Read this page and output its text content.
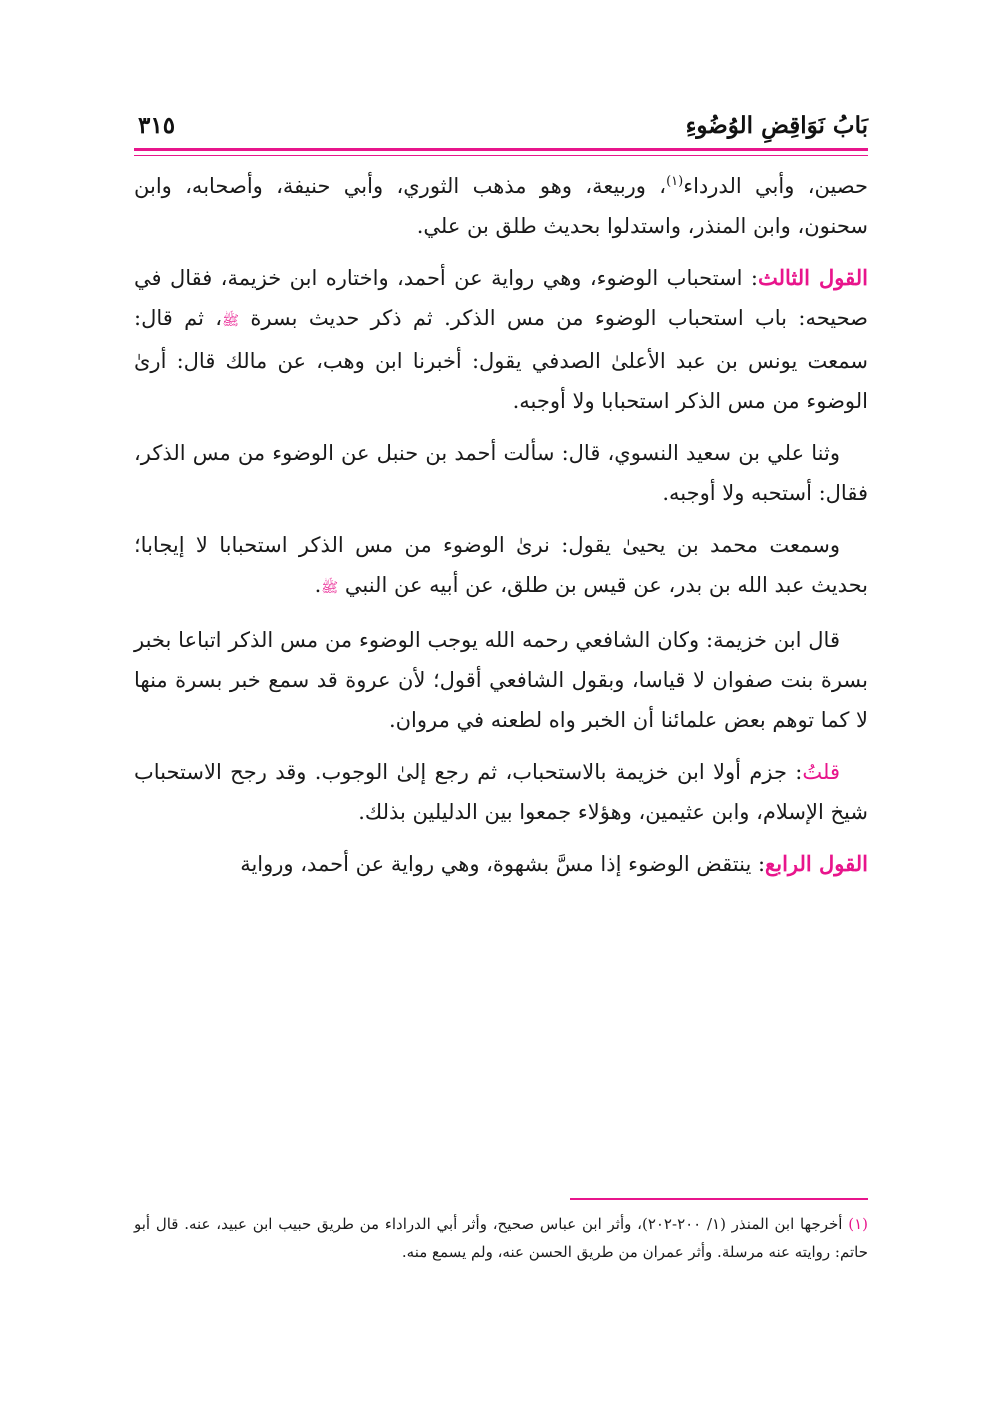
بَابُ نَوَاقِضِ الوُضُوءِ
٣١٥

حصين، وأبي الدرداء$^{(١)}$، وربيعة، وهو مذهب الثوري، وأبي حنيفة، وأصحابه، وابن سحنون، وابن المنذر، واستدلوا بحديث طلق بن علي.

القول الثالث: استحباب الوضوء، وهي رواية عن أحمد، واختاره ابن خزيمة، فقال في صحيحه: باب استحباب الوضوء من مس الذكر. ثم ذكر حديث بسرة ﷺ، ثم قال: سمعت يونس بن عبد الأعلىٰ الصدفي يقول: أخبرنا ابن وهب، عن مالك قال: أرىٰ الوضوء من مس الذكر استحبابا ولا أوجبه.

وثنا علي بن سعيد النسوي، قال: سألت أحمد بن حنبل عن الوضوء من مس الذكر، فقال: أستحبه ولا أوجبه.

وسمعت محمد بن يحيىٰ يقول: نرىٰ الوضوء من مس الذكر استحبابا لا إيجابا؛ بحديث عبد الله بن بدر، عن قيس بن طلق، عن أبيه عن النبي ﷺ.

قال ابن خزيمة: وكان الشافعي رحمه الله يوجب الوضوء من مس الذكر اتباعا بخبر بسرة بنت صفوان لا قياسا، وبقول الشافعي أقول؛ لأن عروة قد سمع خبر بسرة منها لا كما توهم بعض علمائنا أن الخبر واه لطعنه في مروان.

قلتُ: جزم أولا ابن خزيمة بالاستحباب، ثم رجع إلىٰ الوجوب. وقد رجح الاستحباب شيخ الإسلام، وابن عثيمين، وهؤلاء جمعوا بين الدليلين بذلك.

القول الرابع: ينتقض الوضوء إذا مسَّ بشهوة، وهي رواية عن أحمد، ورواية

(١) أخرجها ابن المنذر (١/ ٢٠٠-٢٠٢)، وأثر ابن عباس صحيح، وأثر أبي الدراداء من طريق حبيب ابن عبيد، عنه. قال أبو حاتم: روايته عنه مرسلة. وأثر عمران من طريق الحسن عنه، ولم يسمع منه.
